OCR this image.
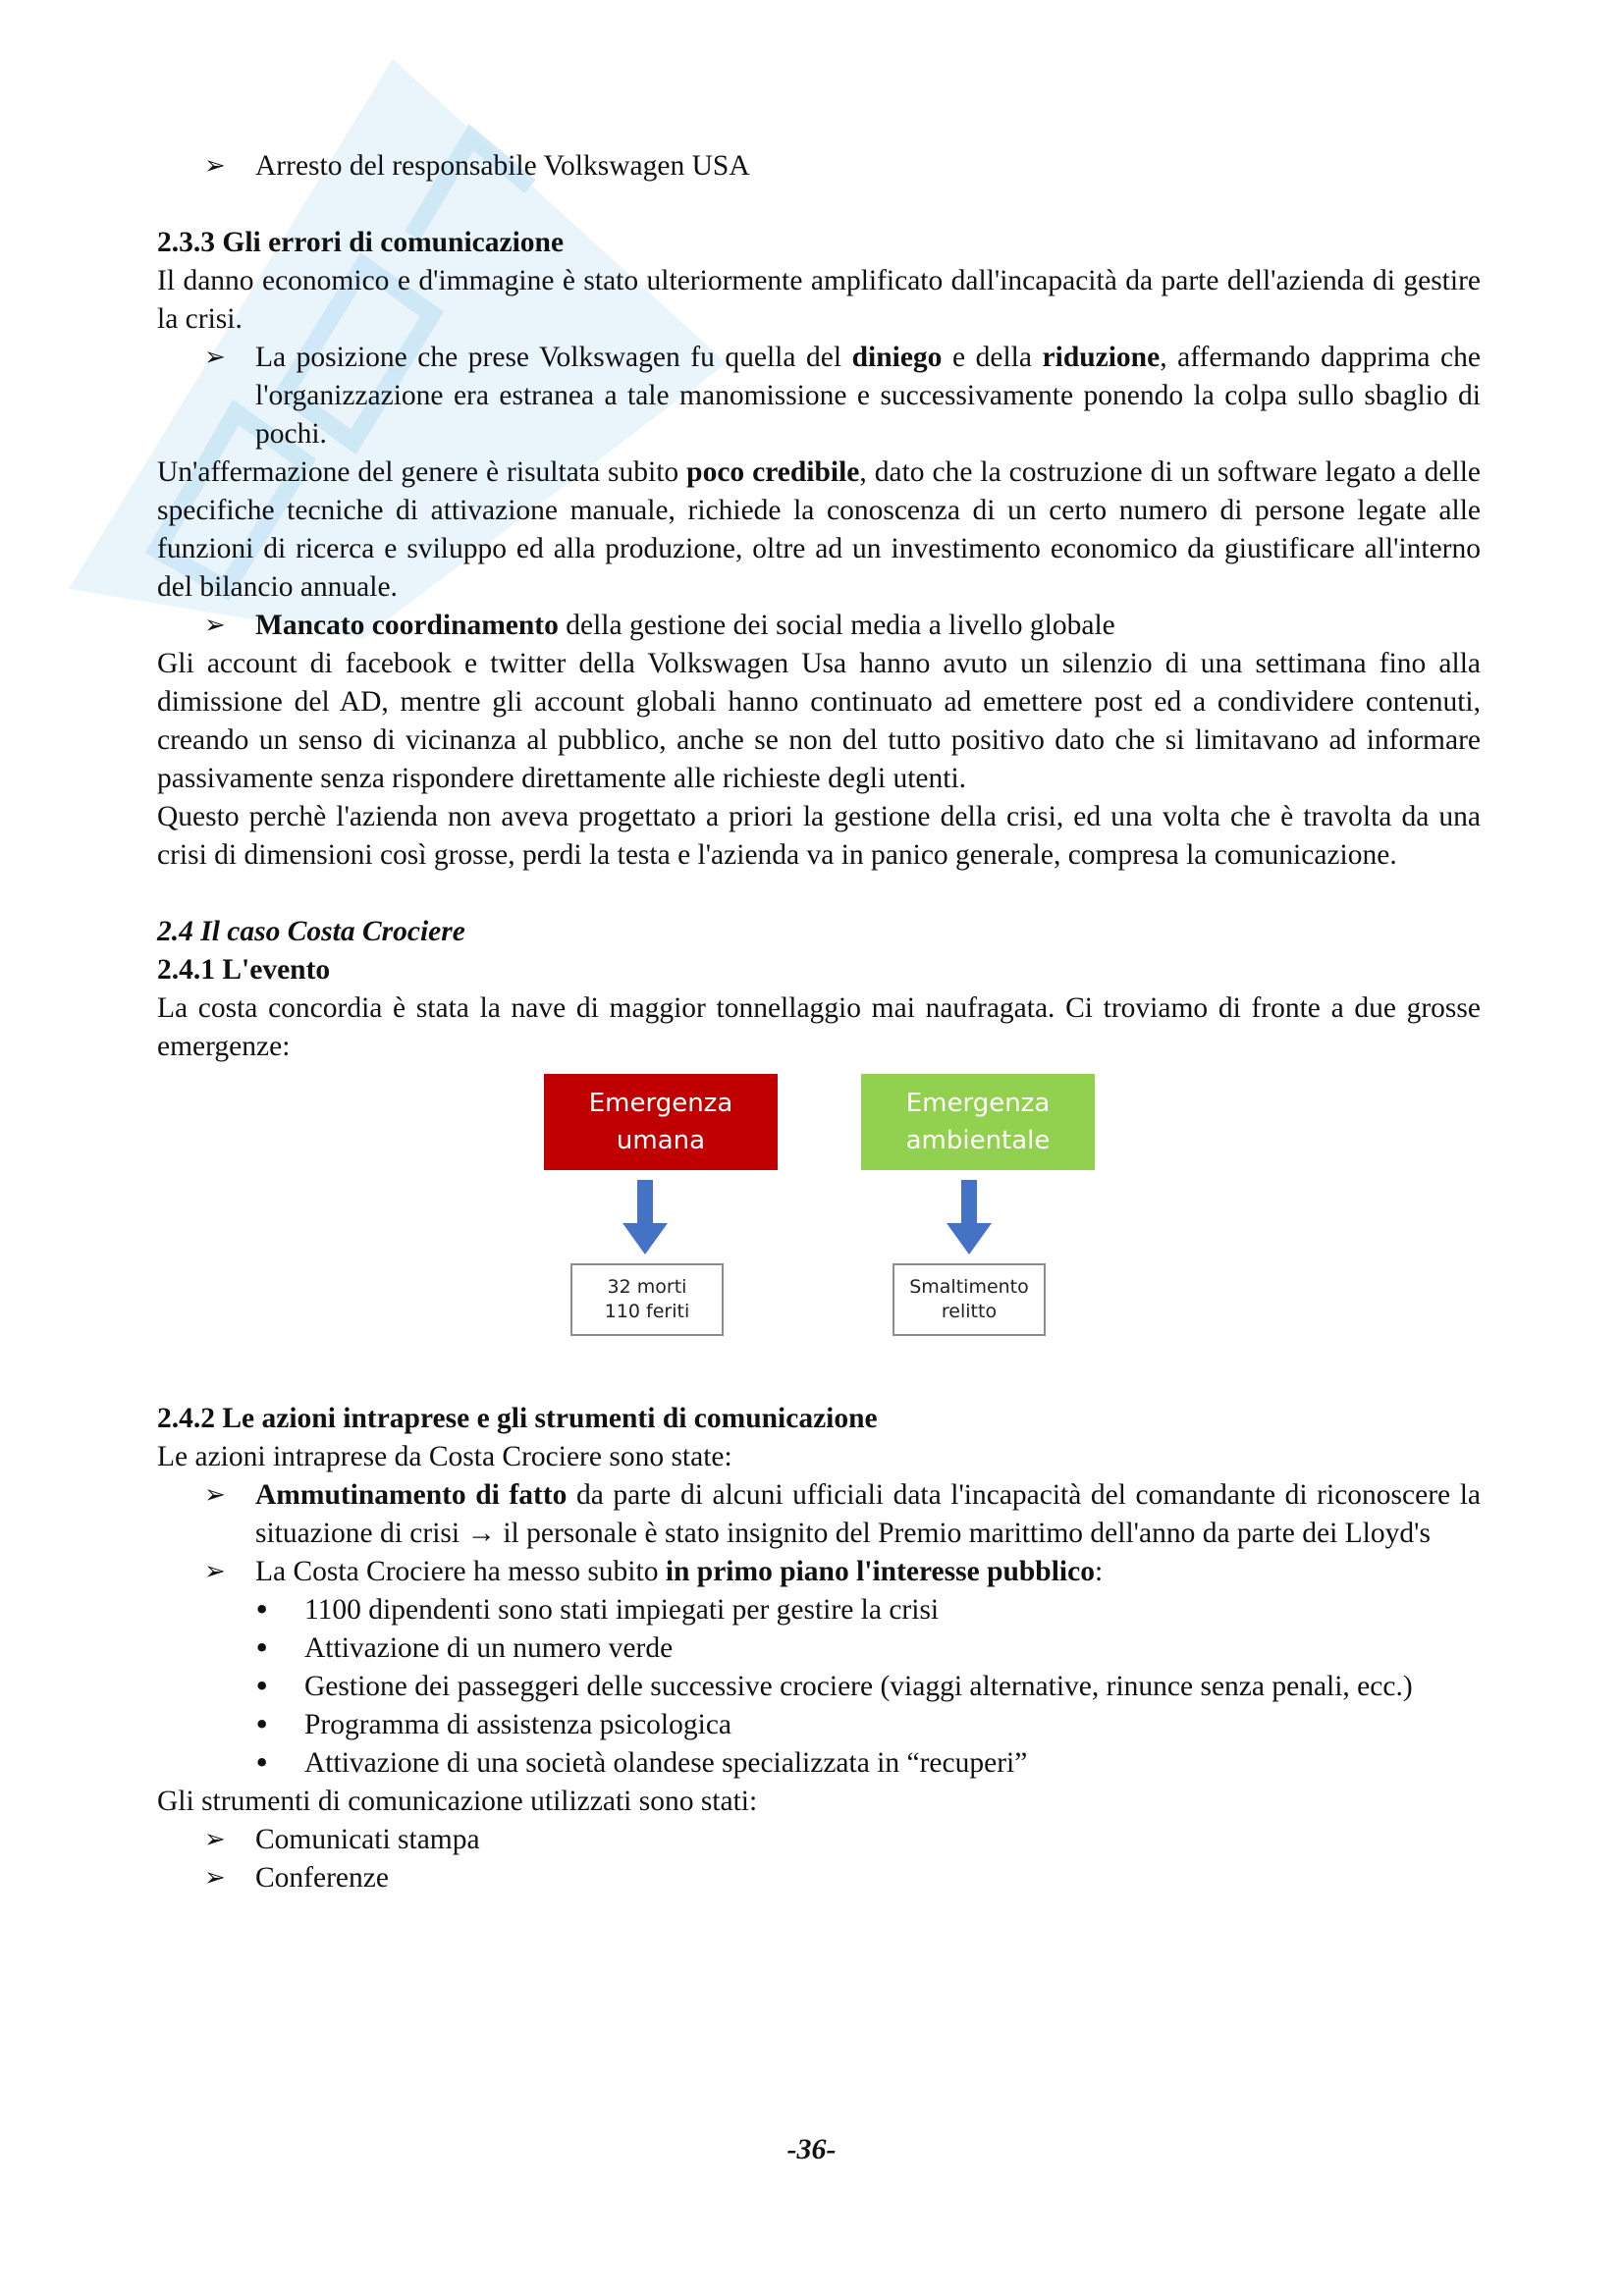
➢ Arresto del responsabile Volkswagen USA

2.3.3 Gli errori di comunicazione

Il danno economico e d'immagine è stato ulteriormente amplificato dall'incapacità da parte dell'azienda di gestire la crisi.

➢ La posizione che prese Volkswagen fu quella del diniego e della riduzione, affermando dapprima che l'organizzazione era estranea a tale manomissione e successivamente ponendo la colpa sullo sbaglio di pochi.

Un'affermazione del genere è risultata subito poco credibile, dato che la costruzione di un software legato a delle specifiche tecniche di attivazione manuale, richiede la conoscenza di un certo numero di persone legate alle funzioni di ricerca e sviluppo ed alla produzione, oltre ad un investimento economico da giustificare all'interno del bilancio annuale.

➢ Mancato coordinamento della gestione dei social media a livello globale

Gli account di facebook e twitter della Volkswagen Usa hanno avuto un silenzio di una settimana fino alla dimissione del AD, mentre gli account globali hanno continuato ad emettere post ed a condividere contenuti, creando un senso di vicinanza al pubblico, anche se non del tutto positivo dato che si limitavano ad informare passivamente senza rispondere direttamente alle richieste degli utenti.

Questo perchè l'azienda non aveva progettato a priori la gestione della crisi, ed una volta che è travolta da una crisi di dimensioni così grosse, perdi la testa e l'azienda va in panico generale, compresa la comunicazione.

2.4 Il caso Costa Crociere
2.4.1 L'evento

La costa concordia è stata la nave di maggior tonnellaggio mai naufragata. Ci troviamo di fronte a due grosse emergenze:

Emergenza
umana
Emergenza
ambientale
32 morti
110 feriti
Smaltimento
relitto
2.4.2 Le azioni intraprese e gli strumenti di comunicazione

Le azioni intraprese da Costa Crociere sono state:

➢ Ammutinamento di fatto da parte di alcuni ufficiali data l'incapacità del comandante di riconoscere la situazione di crisi → il personale è stato insignito del Premio marittimo dell'anno da parte dei Lloyd's

➢ La Costa Crociere ha messo subito in primo piano l'interesse pubblico:

• 1100 dipendenti sono stati impiegati per gestire la crisi

• Attivazione di un numero verde

• Gestione dei passeggeri delle successive crociere (viaggi alternative, rinunce senza penali, ecc.)

• Programma di assistenza psicologica

• Attivazione di una società olandese specializzata in “recuperi”

Gli strumenti di comunicazione utilizzati sono stati:

➢ Comunicati stampa

➢ Conferenze

-36-
